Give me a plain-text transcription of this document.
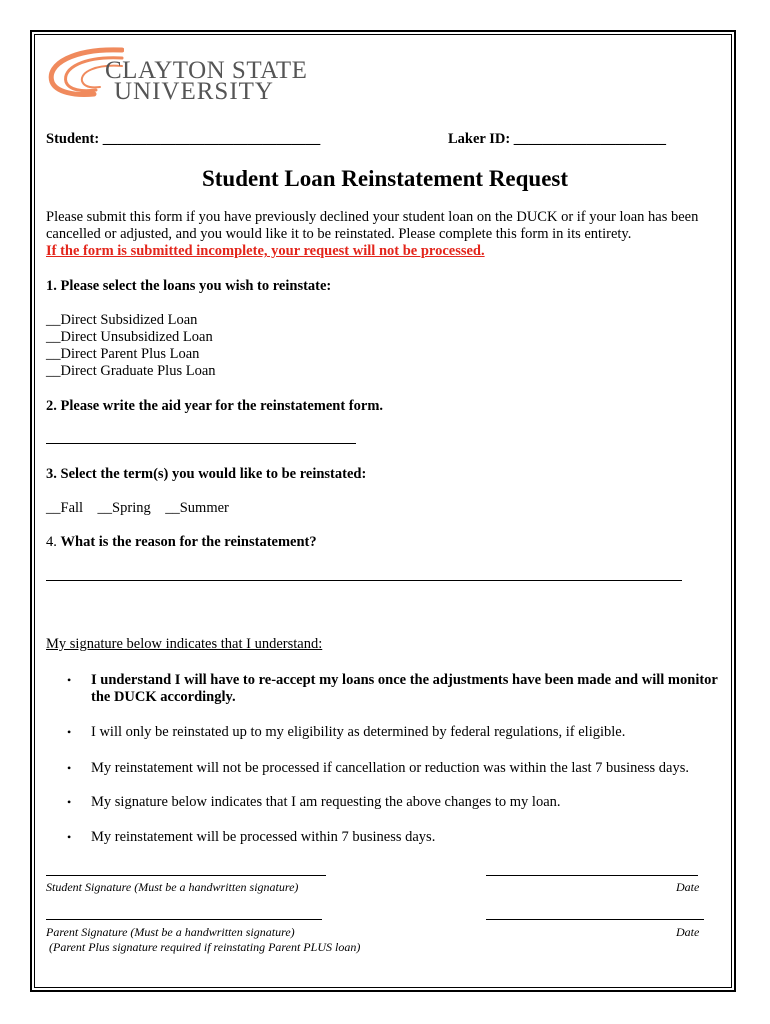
CLAYTON STATE
UNIVERSITY
Student: ______________________________	Laker ID: _____________________
Student Loan Reinstatement Request
Please submit this form if you have previously declined your student loan on the DUCK or if your loan has been
cancelled or adjusted, and you would like it to be reinstated. Please complete this form in its entirety.
If the form is submitted incomplete, your request will not be processed.
1. Please select the loans you wish to reinstate:
__Direct Subsidized Loan
__Direct Unsubsidized Loan
__Direct Parent Plus Loan
__Direct Graduate Plus Loan
2. Please write the aid year for the reinstatement form.
3. Select the term(s) you would like to be reinstated:
__Fall    __Spring    __Summer
4. What is the reason for the reinstatement?
My signature below indicates that I understand:
• I understand I will have to re-accept my loans once the adjustments have been made and will monitor
the DUCK accordingly.
• I will only be reinstated up to my eligibility as determined by federal regulations, if eligible.
• My reinstatement will not be processed if cancellation or reduction was within the last 7 business days.
• My signature below indicates that I am requesting the above changes to my loan.
• My reinstatement will be processed within 7 business days.
Student Signature (Must be a handwritten signature)	Date
Parent Signature (Must be a handwritten signature)	Date
(Parent Plus signature required if reinstating Parent PLUS loan)
